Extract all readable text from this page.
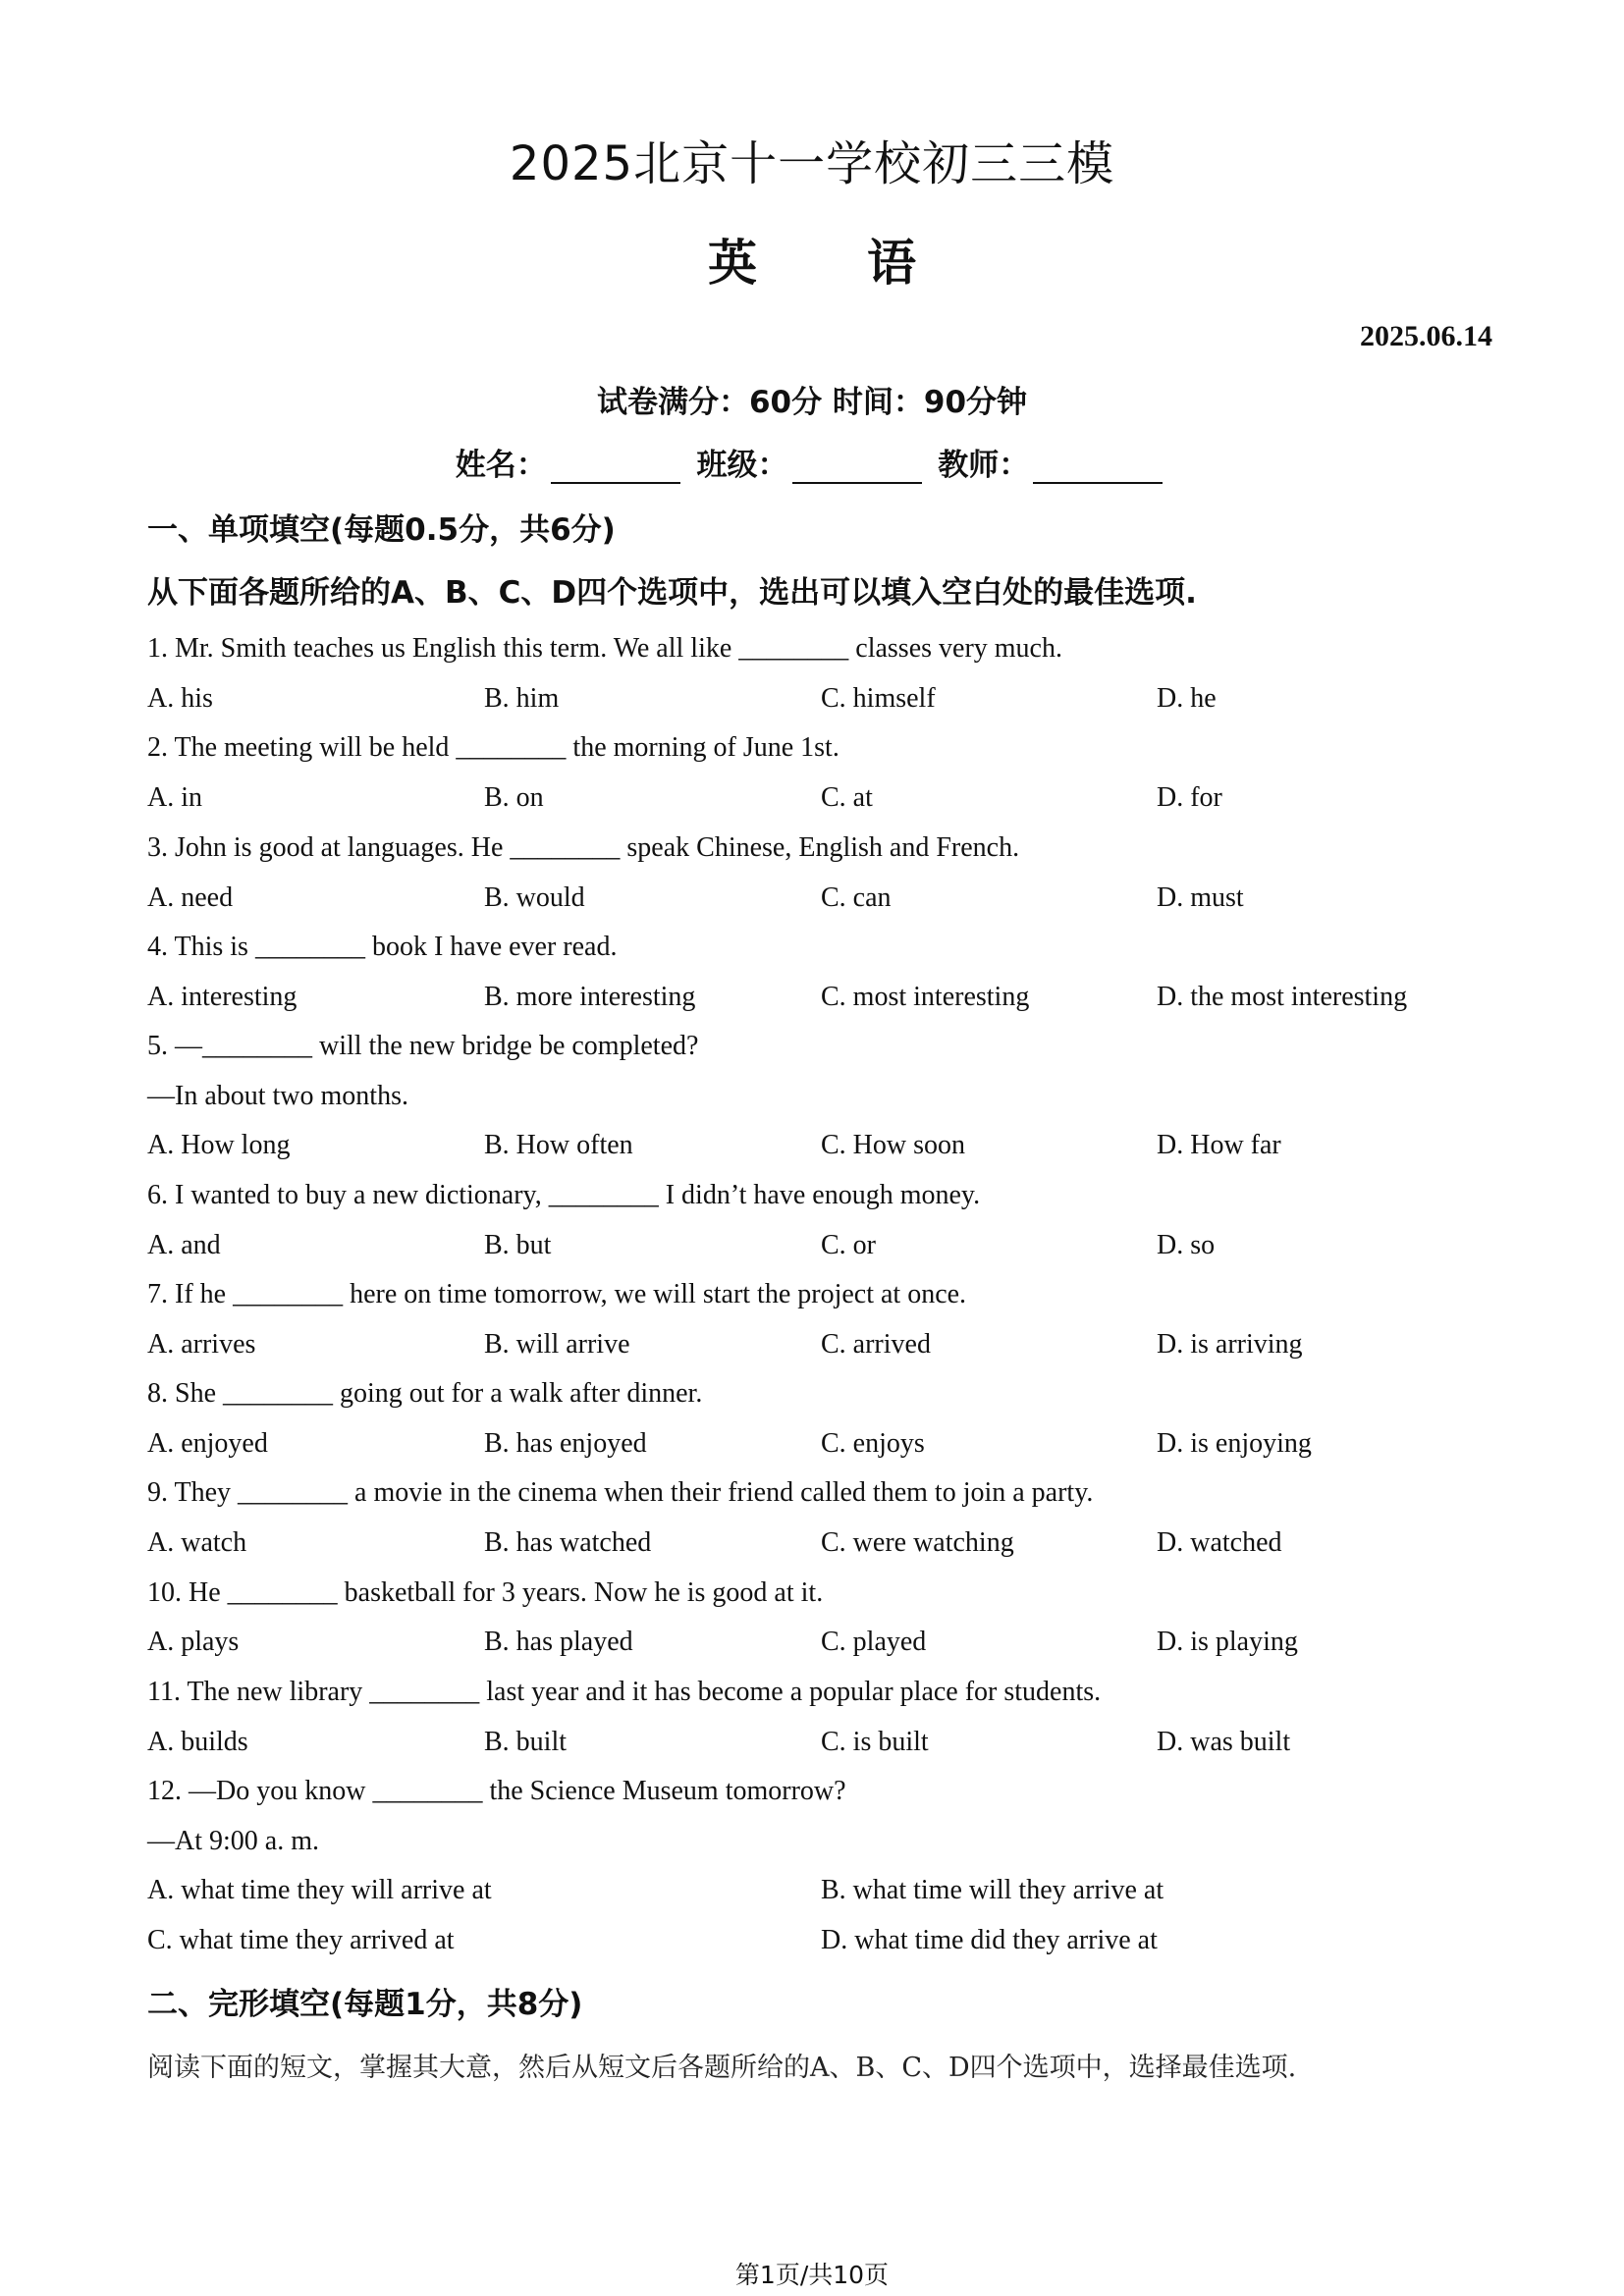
2025北京十一学校初三三模
英 语
2025.06.14
试卷满分：60分 时间：90分钟
姓名：	班级：	教师：
一、单项填空(每题0.5分，共6分)
从下面各题所给的A、B、C、D四个选项中，选出可以填入空白处的最佳选项.
1. Mr. Smith teaches us English this term. We all like ________ classes very much.
A. his	B. him	C. himself	D. he
2. The meeting will be held ________ the morning of June 1st.
A. in	B. on	C. at	D. for
3. John is good at languages. He ________ speak Chinese, English and French.
A. need	B. would	C. can	D. must
4. This is ________ book I have ever read.
A. interesting	B. more interesting	C. most interesting	D. the most interesting
5. —________ will the new bridge be completed?
—In about two months.
A. How long	B. How often	C. How soon	D. How far
6. I wanted to buy a new dictionary, ________ I didn’t have enough money.
A. and	B. but	C. or	D. so
7. If he ________ here on time tomorrow, we will start the project at once.
A. arrives	B. will arrive	C. arrived	D. is arriving
8. She ________ going out for a walk after dinner.
A. enjoyed	B. has enjoyed	C. enjoys	D. is enjoying
9. They ________ a movie in the cinema when their friend called them to join a party.
A. watch	B. has watched	C. were watching	D. watched
10. He ________ basketball for 3 years. Now he is good at it.
A. plays	B. has played	C. played	D. is playing
11. The new library ________ last year and it has become a popular place for students.
A. builds	B. built	C. is built	D. was built
12. —Do you know ________ the Science Museum tomorrow?
—At 9:00 a. m.
A. what time they will arrive at	B. what time will they arrive at
C. what time they arrived at	D. what time did they arrive at
二、完形填空(每题1分，共8分)
阅读下面的短文，掌握其大意，然后从短文后各题所给的A、B、C、D四个选项中，选择最佳选项.
第1页/共10页
